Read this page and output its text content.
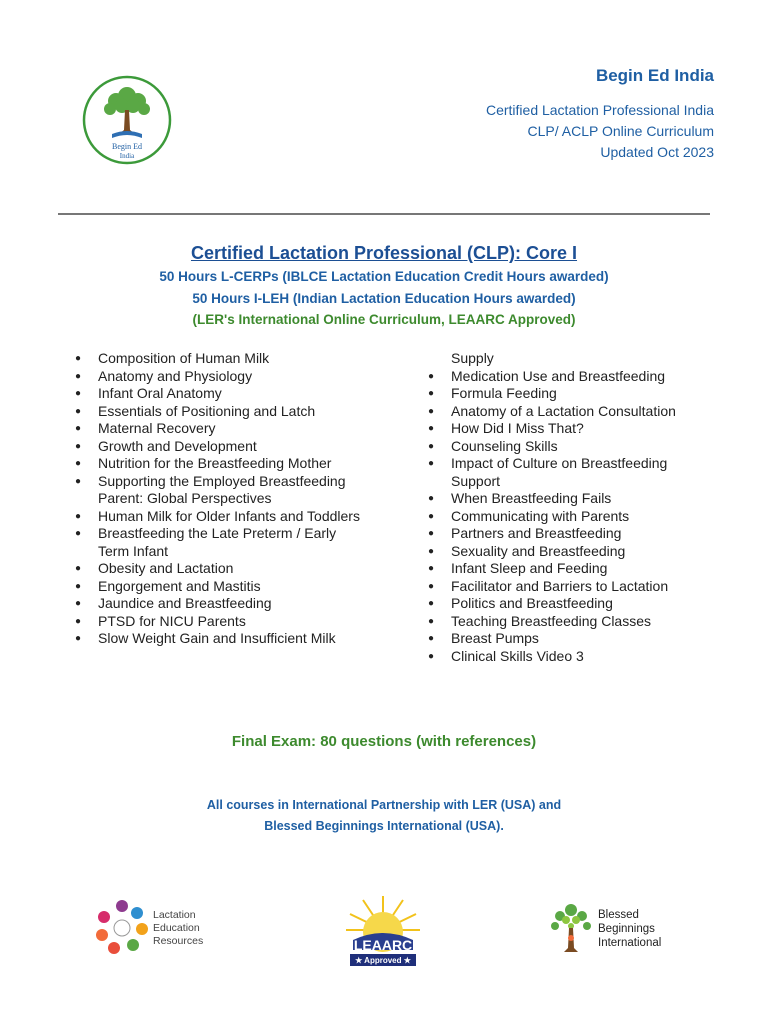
Begin Ed
India
Begin Ed India
Certified Lactation Professional India
CLP/ ACLP Online Curriculum
Updated Oct 2023
Certified Lactation Professional (CLP): Core I
50 Hours L-CERPs (IBLCE Lactation Education Credit Hours awarded)
50 Hours I-LEH (Indian Lactation Education Hours awarded)
(LER's International Online Curriculum, LEAARC Approved)
● Composition of Human Milk
● Anatomy and Physiology
● Infant Oral Anatomy
● Essentials of Positioning and Latch
● Maternal Recovery
● Growth and Development
● Nutrition for the Breastfeeding Mother
● Supporting the Employed Breastfeeding Parent: Global Perspectives
● Human Milk for Older Infants and Toddlers
● Breastfeeding the Late Preterm / Early Term Infant
● Obesity and Lactation
● Engorgement and Mastitis
● Jaundice and Breastfeeding
● PTSD for NICU Parents
● Slow Weight Gain and Insufficient Milk
Supply
● Medication Use and Breastfeeding
● Formula Feeding
● Anatomy of a Lactation Consultation
● How Did I Miss That?
● Counseling Skills
● Impact of Culture on Breastfeeding Support
● When Breastfeeding Fails
● Communicating with Parents
● Partners and Breastfeeding
● Sexuality and Breastfeeding
● Infant Sleep and Feeding
● Facilitator and Barriers to Lactation
● Politics and Breastfeeding
● Teaching Breastfeeding Classes
● Breast Pumps
● Clinical Skills Video 3
Final Exam: 80 questions (with references)
All courses in International Partnership with LER (USA) and
Blessed Beginnings International (USA).
Lactation
Education
Resources	LEAARC
★ Approved ★
Blessed
Beginnings
International
